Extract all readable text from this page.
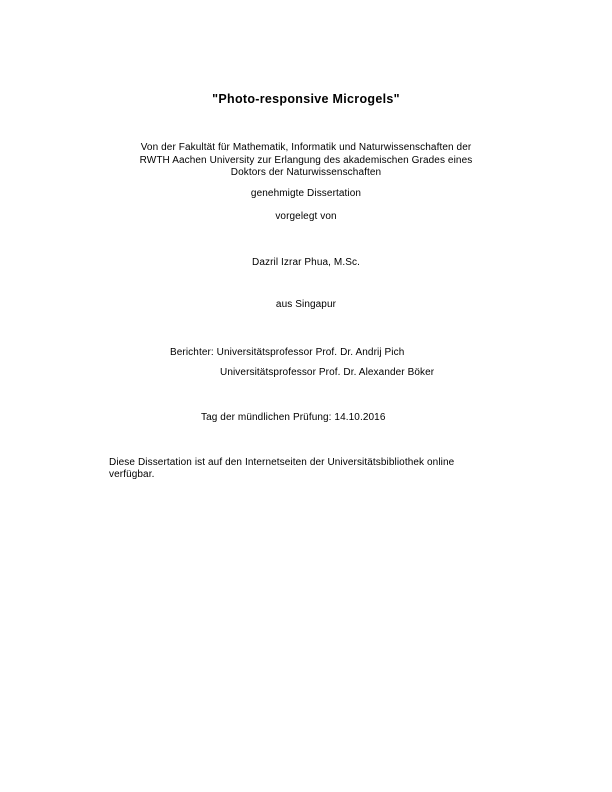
"Photo-responsive Microgels"
Von der Fakultät für Mathematik, Informatik und Naturwissenschaften der
RWTH Aachen University zur Erlangung des akademischen Grades eines
Doktors der Naturwissenschaften
genehmigte Dissertation
vorgelegt von
Dazril Izrar Phua, M.Sc.
aus Singapur
Berichter: Universitätsprofessor Prof. Dr. Andrij Pich
Universitätsprofessor Prof. Dr. Alexander Böker
Tag der mündlichen Prüfung: 14.10.2016
Diese Dissertation ist auf den Internetseiten der Universitätsbibliothek online
verfügbar.
